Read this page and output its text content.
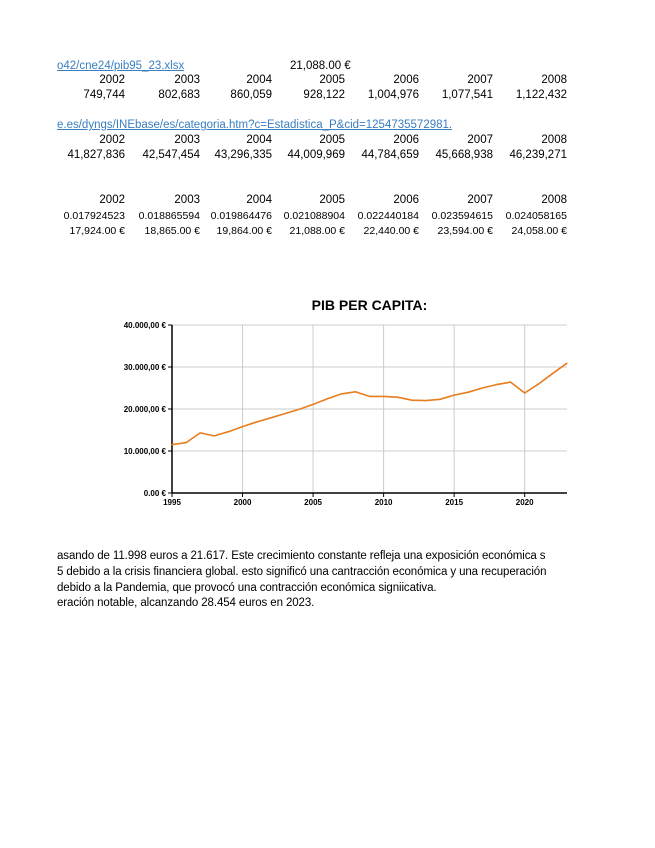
o42/cne24/pib95_23.xlsx	21,088.00 €
2002	2003	2004	2005	2006	2007	2008
749,744	802,683	860,059	928,122 1,004,976 1,077,541 1,122,432
e.es/dyngs/INEbase/es/categoria.htm?c=Estadistica_P&cid=1254735572981.
2002	2003	2004	2005	2006	2007	2008
41,827,836 42,547,454 43,296,335 44,009,969 44,784,659 45,668,938 46,239,271
2002	2003	2004	2005	2006	2007	2008
0.017924523 0.018865594 0.019864476 0.021088904 0.022440184 0.023594615 0.024058165
17,924.00 € 18,865.00 € 19,864.00 € 21,088.00 € 22,440.00 € 23,594.00 € 24,058.00 €
PIB PER CAPITA:
0.00 €
10.000,00 €
20.000,00 €
30.000,00 €
40.000,00 €
1995	2000	2005	2010	2015	2020
asando de 11.998 euros a 21.617. Este crecimiento constante refleja una exposición económica s
5 debido a la crisis financiera global. esto significó una cantracción económica y una recuperación
debido a la Pandemia, que provocó una contracción económica signiicativa.
eración notable, alcanzando 28.454 euros en 2023.
